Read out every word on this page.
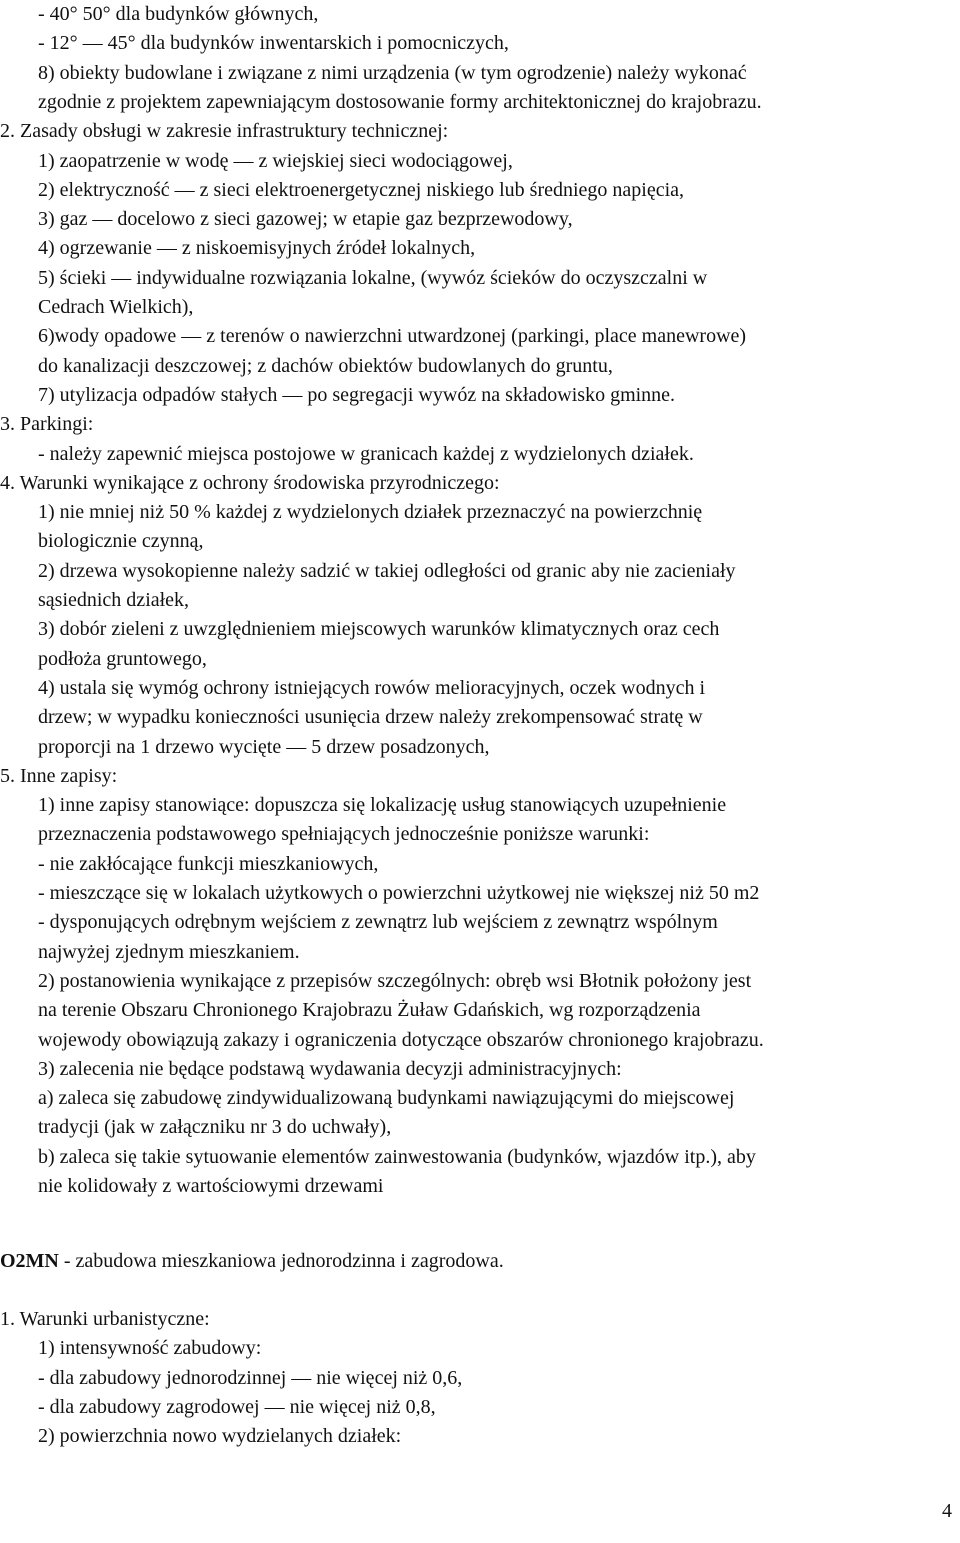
- 40° 50° dla budynków głównych,
- 12° — 45° dla budynków inwentarskich i pomocniczych,
8) obiekty budowlane i związane z nimi urządzenia (w tym ogrodzenie) należy wykonać
zgodnie z projektem zapewniającym dostosowanie formy architektonicznej do krajobrazu.
2. Zasady obsługi w zakresie infrastruktury technicznej:
1) zaopatrzenie w wodę — z wiejskiej sieci wodociągowej,
2) elektryczność — z sieci elektroenergetycznej niskiego lub średniego napięcia,
3) gaz — docelowo z sieci gazowej; w etapie gaz bezprzewodowy,
4) ogrzewanie — z niskoemisyjnych źródeł lokalnych,
5) ścieki — indywidualne rozwiązania lokalne, (wywóz ścieków do oczyszczalni w
Cedrach Wielkich),
6)wody opadowe — z terenów o nawierzchni utwardzonej (parkingi, place manewrowe)
do kanalizacji deszczowej; z dachów obiektów budowlanych do gruntu,
7) utylizacja odpadów stałych — po segregacji wywóz na składowisko gminne.
3. Parkingi:
- należy zapewnić miejsca postojowe w granicach każdej z wydzielonych działek.
4. Warunki wynikające z ochrony środowiska przyrodniczego:
1) nie mniej niż 50 % każdej z wydzielonych działek przeznaczyć na powierzchnię
biologicznie czynną,
2) drzewa wysokopienne należy sadzić w takiej odległości od granic aby nie zacieniały
sąsiednich działek,
3) dobór zieleni z uwzględnieniem miejscowych warunków klimatycznych oraz cech
podłoża gruntowego,
4) ustala się wymóg ochrony istniejących rowów melioracyjnych, oczek wodnych i
drzew; w wypadku konieczności usunięcia drzew należy zrekompensować stratę w
proporcji na 1 drzewo wycięte — 5 drzew posadzonych,
5. Inne zapisy:
1) inne zapisy stanowiące: dopuszcza się lokalizację usług stanowiących uzupełnienie
przeznaczenia podstawowego spełniających jednocześnie poniższe warunki:
- nie zakłócające funkcji mieszkaniowych,
- mieszczące się w lokalach użytkowych o powierzchni użytkowej nie większej niż 50 m2
- dysponujących odrębnym wejściem z zewnątrz lub wejściem z zewnątrz wspólnym
najwyżej zjednym mieszkaniem.
2) postanowienia wynikające z przepisów szczególnych: obręb wsi Błotnik położony jest
na terenie Obszaru Chronionego Krajobrazu Żuław Gdańskich, wg rozporządzenia
wojewody obowiązują zakazy i ograniczenia dotyczące obszarów chronionego krajobrazu.
3) zalecenia nie będące podstawą wydawania decyzji administracyjnych:
a) zaleca się zabudowę zindywidualizowaną budynkami nawiązującymi do miejscowej
tradycji (jak w załączniku nr 3 do uchwały),
b) zaleca się takie sytuowanie elementów zainwestowania (budynków, wjazdów itp.), aby
nie kolidowały z wartościowymi drzewami
O2MN - zabudowa mieszkaniowa jednorodzinna i zagrodowa.
1. Warunki urbanistyczne:
1) intensywność zabudowy:
- dla zabudowy jednorodzinnej — nie więcej niż 0,6,
- dla zabudowy zagrodowej — nie więcej niż 0,8,
2) powierzchnia nowo wydzielanych działek:
4
